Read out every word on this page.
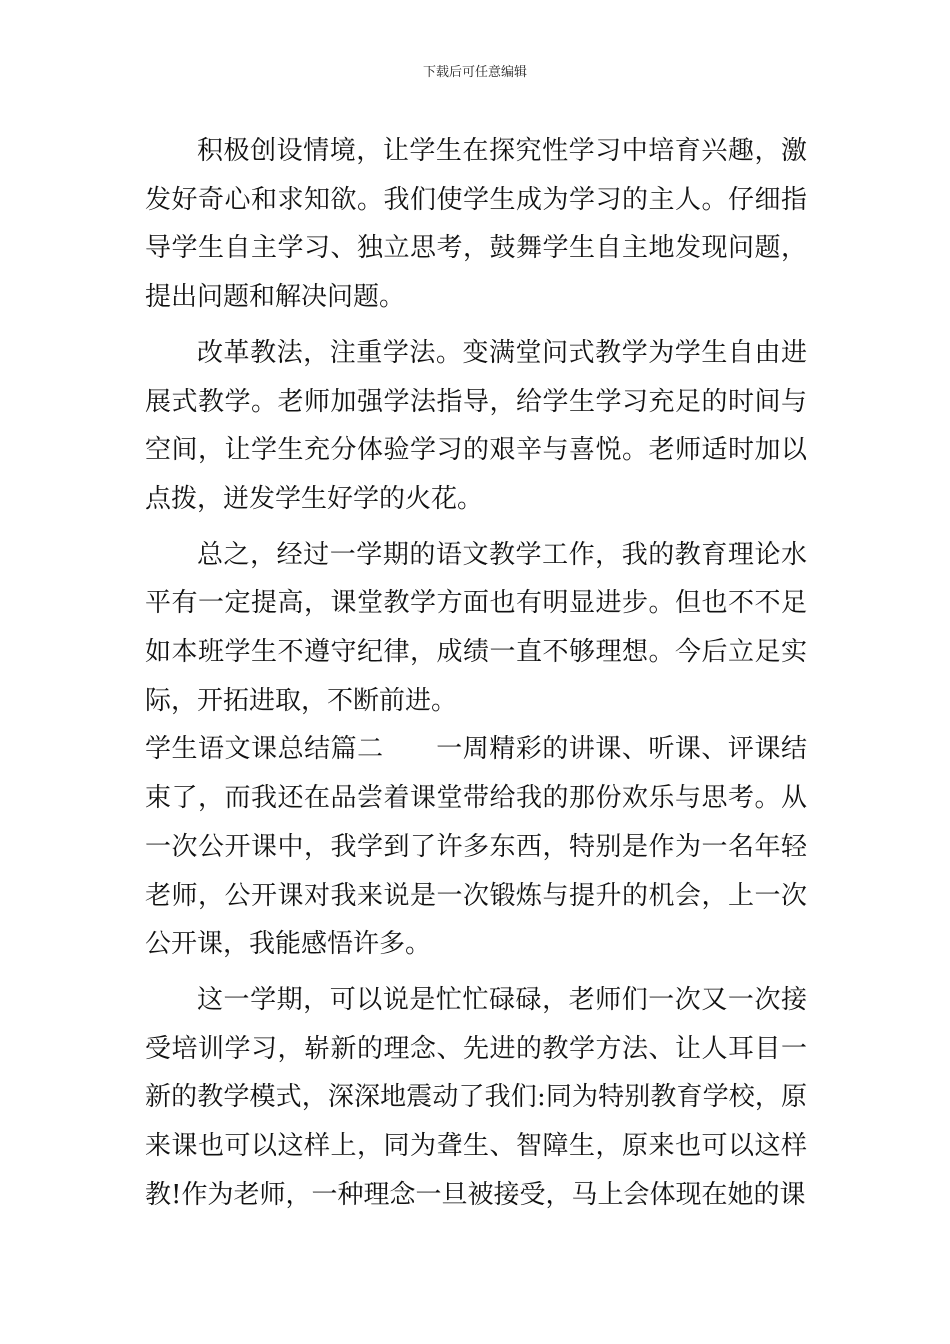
下载后可任意编辑

积极创设情境，让学生在探究性学习中培育兴趣，激发好奇心和求知欲。我们使学生成为学习的主人。仔细指导学生自主学习、独立思考，鼓舞学生自主地发现问题，提出问题和解决问题。

改革教法，注重学法。变满堂问式教学为学生自由进展式教学。老师加强学法指导，给学生学习充足的时间与空间，让学生充分体验学习的艰辛与喜悦。老师适时加以点拨，迸发学生好学的火花。

总之，经过一学期的语文教学工作，我的教育理论水平有一定提高，课堂教学方面也有明显进步。但也不不足如本班学生不遵守纪律，成绩一直不够理想。今后立足实际，开拓进取，不断前进。

学生语文课总结篇二 一周精彩的讲课、听课、评课结束了，而我还在品尝着课堂带给我的那份欢乐与思考。从一次公开课中，我学到了许多东西，特别是作为一名年轻老师，公开课对我来说是一次锻炼与提升的机会，上一次公开课，我能感悟许多。

这一学期，可以说是忙忙碌碌，老师们一次又一次接受培训学习，崭新的理念、先进的教学方法、让人耳目一新的教学模式，深深地震动了我们:同为特别教育学校，原来课也可以这样上，同为聋生、智障生，原来也可以这样教!作为老师，一种理念一旦被接受，马上会体现在她的课
